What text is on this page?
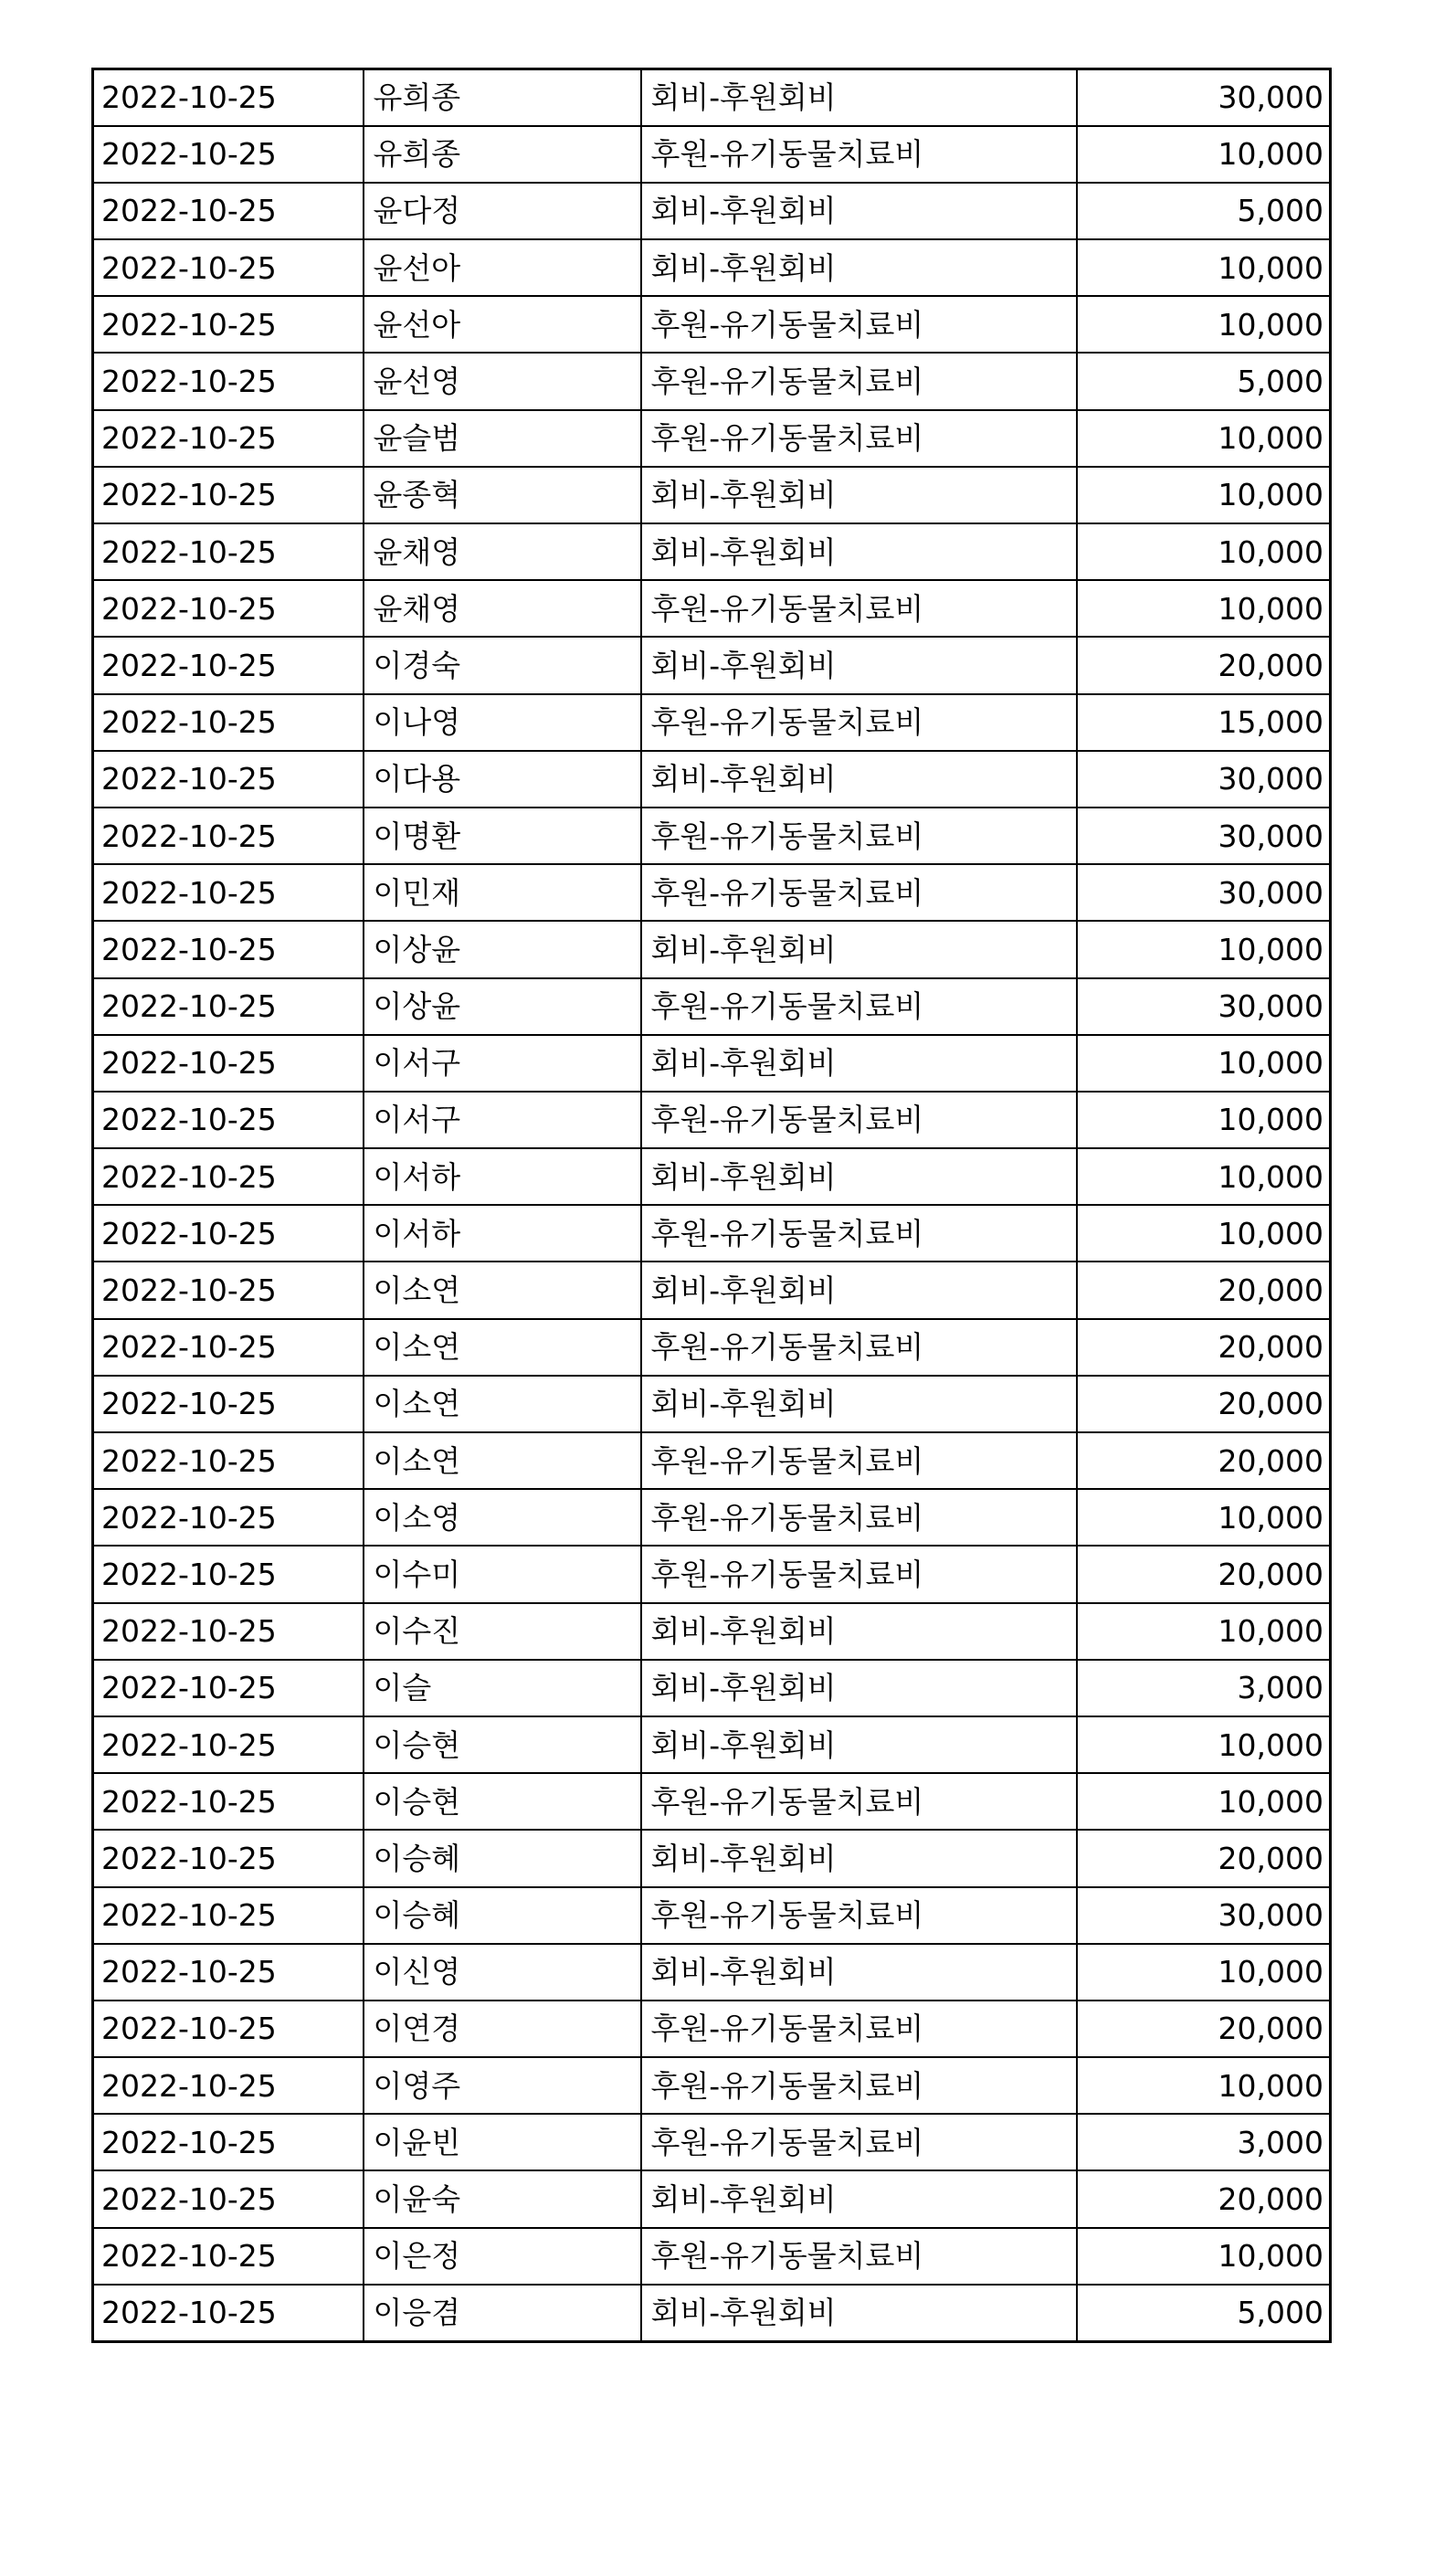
2022-10-25	유희종	회비-후원회비	30,000
2022-10-25	유희종	후원-유기동물치료비	10,000
2022-10-25	윤다정	회비-후원회비	5,000
2022-10-25	윤선아	회비-후원회비	10,000
2022-10-25	윤선아	후원-유기동물치료비	10,000
2022-10-25	윤선영	후원-유기동물치료비	5,000
2022-10-25	윤슬범	후원-유기동물치료비	10,000
2022-10-25	윤종혁	회비-후원회비	10,000
2022-10-25	윤채영	회비-후원회비	10,000
2022-10-25	윤채영	후원-유기동물치료비	10,000
2022-10-25	이경숙	회비-후원회비	20,000
2022-10-25	이나영	후원-유기동물치료비	15,000
2022-10-25	이다용	회비-후원회비	30,000
2022-10-25	이명환	후원-유기동물치료비	30,000
2022-10-25	이민재	후원-유기동물치료비	30,000
2022-10-25	이상윤	회비-후원회비	10,000
2022-10-25	이상윤	후원-유기동물치료비	30,000
2022-10-25	이서구	회비-후원회비	10,000
2022-10-25	이서구	후원-유기동물치료비	10,000
2022-10-25	이서하	회비-후원회비	10,000
2022-10-25	이서하	후원-유기동물치료비	10,000
2022-10-25	이소연	회비-후원회비	20,000
2022-10-25	이소연	후원-유기동물치료비	20,000
2022-10-25	이소연	회비-후원회비	20,000
2022-10-25	이소연	후원-유기동물치료비	20,000
2022-10-25	이소영	후원-유기동물치료비	10,000
2022-10-25	이수미	후원-유기동물치료비	20,000
2022-10-25	이수진	회비-후원회비	10,000
2022-10-25	이슬	회비-후원회비	3,000
2022-10-25	이승현	회비-후원회비	10,000
2022-10-25	이승현	후원-유기동물치료비	10,000
2022-10-25	이승혜	회비-후원회비	20,000
2022-10-25	이승혜	후원-유기동물치료비	30,000
2022-10-25	이신영	회비-후원회비	10,000
2022-10-25	이연경	후원-유기동물치료비	20,000
2022-10-25	이영주	후원-유기동물치료비	10,000
2022-10-25	이윤빈	후원-유기동물치료비	3,000
2022-10-25	이윤숙	회비-후원회비	20,000
2022-10-25	이은정	후원-유기동물치료비	10,000
2022-10-25	이응겸	회비-후원회비	5,000
